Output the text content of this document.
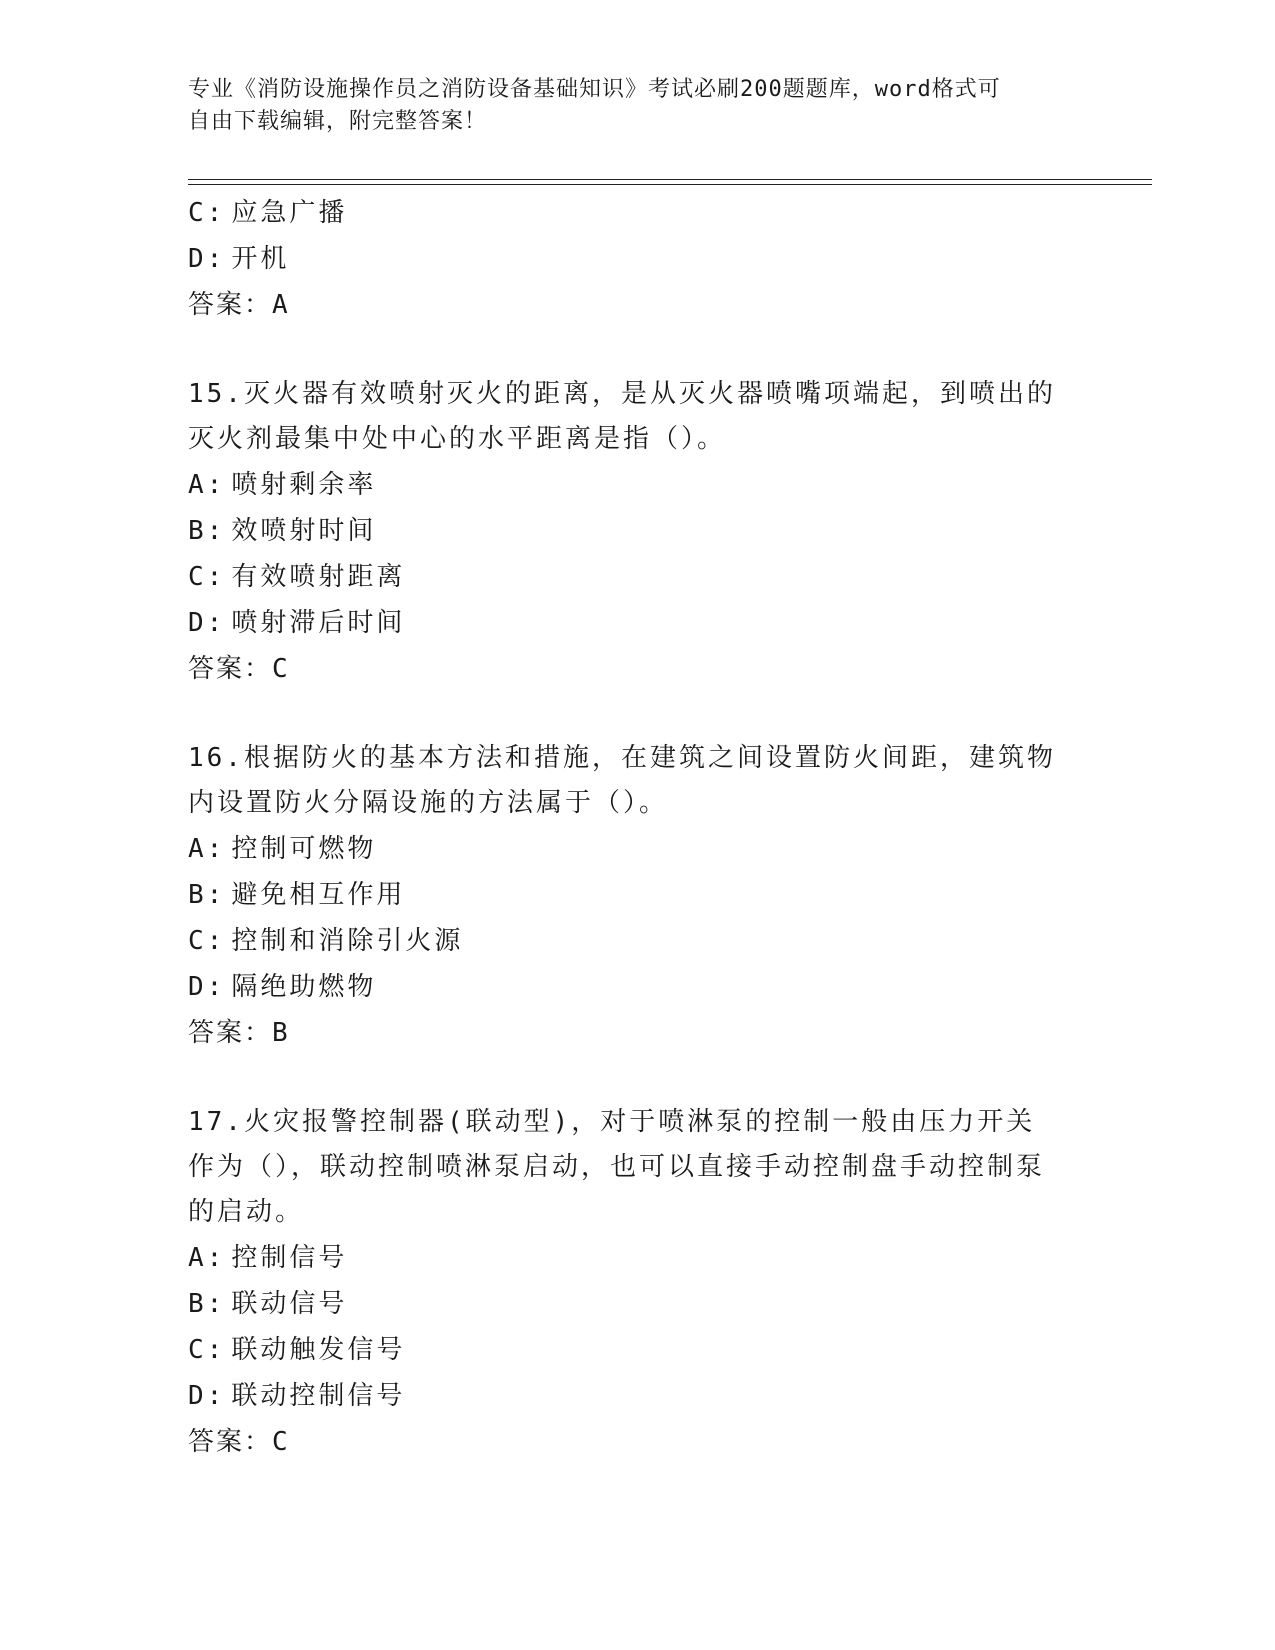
专业《消防设施操作员之消防设备基础知识》考试必刷200题题库，word格式可
自由下载编辑，附完整答案！
C: 应急广播
D: 开机
答案：A
15.灭火器有效喷射灭火的距离，是从灭火器喷嘴项端起，到喷出的灭火剂最集中处中心的水平距离是指（）。
A: 喷射剩余率
B: 效喷射时间
C: 有效喷射距离
D: 喷射滞后时间
答案：C
16.根据防火的基本方法和措施，在建筑之间设置防火间距，建筑物内设置防火分隔设施的方法属于（）。
A: 控制可燃物
B: 避免相互作用
C: 控制和消除引火源
D: 隔绝助燃物
答案：B
17.火灾报警控制器(联动型)，对于喷淋泵的控制一般由压力开关作为（），联动控制喷淋泵启动，也可以直接手动控制盘手动控制泵的启动。
A: 控制信号
B: 联动信号
C: 联动触发信号
D: 联动控制信号
答案：C
